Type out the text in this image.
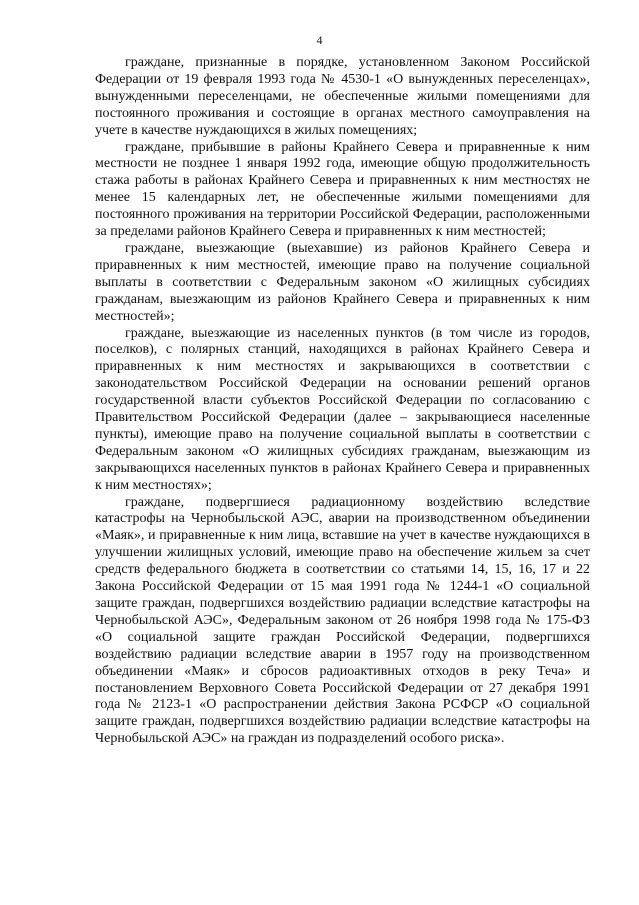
4

граждане, признанные в порядке, установленном Законом Российской Федерации от 19 февраля 1993 года № 4530-1 «О вынужденных переселенцах», вынужденными переселенцами, не обеспеченные жилыми помещениями для постоянного проживания и состоящие в органах местного самоуправления на учете в качестве нуждающихся в жилых помещениях;

граждане, прибывшие в районы Крайнего Севера и приравненные к ним местности не позднее 1 января 1992 года, имеющие общую продолжительность стажа работы в районах Крайнего Севера и приравненных к ним местностях не менее 15 календарных лет, не обеспеченные жилыми помещениями для постоянного проживания на территории Российской Федерации, расположенными за пределами районов Крайнего Севера и приравненных к ним местностей;

граждане, выезжающие (выехавшие) из районов Крайнего Севера и приравненных к ним местностей, имеющие право на получение социальной выплаты в соответствии с Федеральным законом «О жилищных субсидиях гражданам, выезжающим из районов Крайнего Севера и приравненных к ним местностей»;

граждане, выезжающие из населенных пунктов (в том числе из городов, поселков), с полярных станций, находящихся в районах Крайнего Севера и приравненных к ним местностях и закрывающихся в соответствии с законодательством Российской Федерации на основании решений органов государственной власти субъектов Российской Федерации по согласованию с Правительством Российской Федерации (далее – закрывающиеся населенные пункты), имеющие право на получение социальной выплаты в соответствии с Федеральным законом «О жилищных субсидиях гражданам, выезжающим из закрывающихся населенных пунктов в районах Крайнего Севера и приравненных к ним местностях»;

граждане, подвергшиеся радиационному воздействию вследствие катастрофы на Чернобыльской АЭС, аварии на производственном объединении «Маяк», и приравненные к ним лица, вставшие на учет в качестве нуждающихся в улучшении жилищных условий, имеющие право на обеспечение жильем за счет средств федерального бюджета в соответствии со статьями 14, 15, 16, 17 и 22 Закона Российской Федерации от 15 мая 1991 года № 1244-1 «О социальной защите граждан, подвергшихся воздействию радиации вследствие катастрофы на Чернобыльской АЭС», Федеральным законом от 26 ноября 1998 года № 175-ФЗ «О социальной защите граждан Российской Федерации, подвергшихся воздействию радиации вследствие аварии в 1957 году на производственном объединении «Маяк» и сбросов радиоактивных отходов в реку Теча» и постановлением Верховного Совета Российской Федерации от 27 декабря 1991 года № 2123-1 «О распространении действия Закона РСФСР «О социальной защите граждан, подвергшихся воздействию радиации вследствие катастрофы на Чернобыльской АЭС» на граждан из подразделений особого риска».
